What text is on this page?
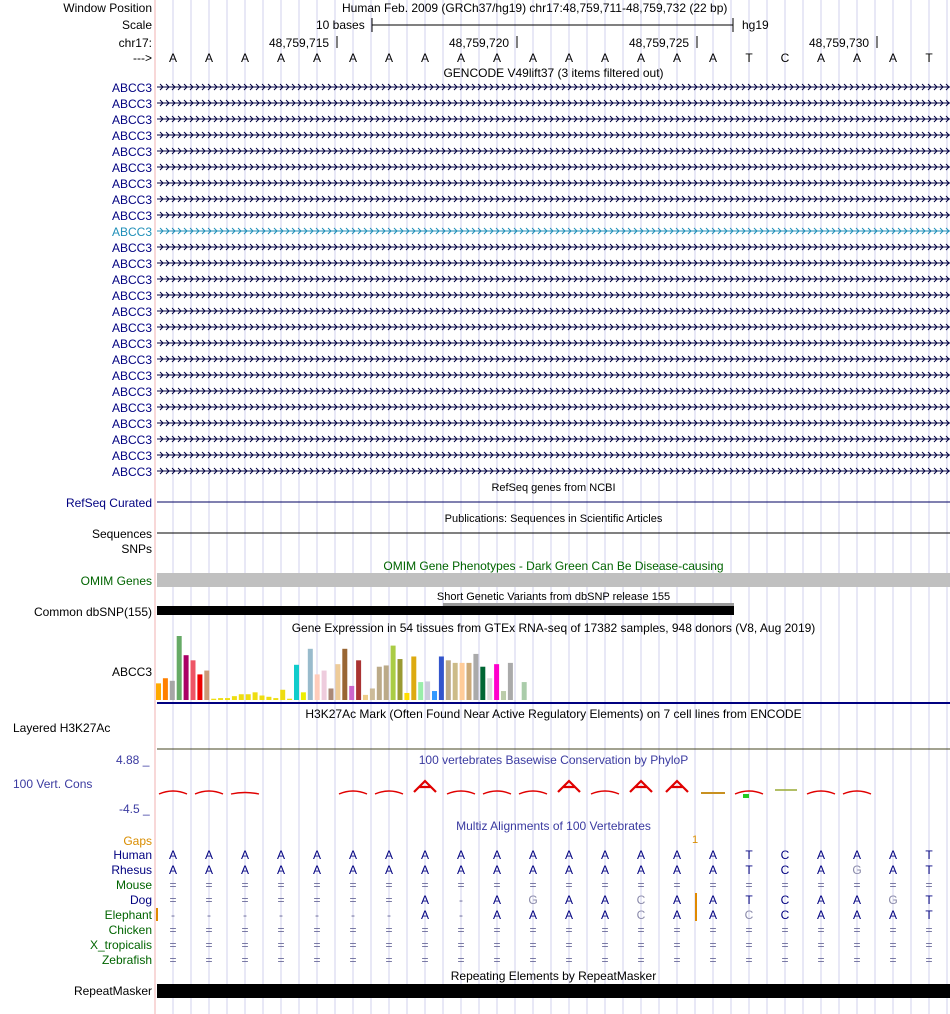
Window Position	Human Feb. 2009 (GRCh37/hg19) chr17:48,759,711-48,759,732 (22 bp)
Scale	10 bases	hg19
chr17:	48,759,715	48,759,720	48,759,725	48,759,730
--->	A	A	A	A	A	A	A	A	A	A	A	A	A	A	A	A	T	C	A	A	A	T
GENCODE V49lift37 (3 items filtered out)
ABCC3
ABCC3
ABCC3
ABCC3
ABCC3
ABCC3
ABCC3
ABCC3
ABCC3
ABCC3
ABCC3
ABCC3
ABCC3
ABCC3
ABCC3
ABCC3
ABCC3
ABCC3
ABCC3
ABCC3
ABCC3
ABCC3
ABCC3
ABCC3
ABCC3
RefSeq genes from NCBI
RefSeq Curated
Publications: Sequences in Scientific Articles
Sequences
SNPs
OMIM Gene Phenotypes - Dark Green Can Be Disease-causing
OMIM Genes
Short Genetic Variants from dbSNP release 155
Common dbSNP(155)
Gene Expression in 54 tissues from GTEx RNA-seq of 17382 samples, 948 donors (V8, Aug 2019)
ABCC3
H3K27Ac Mark (Often Found Near Active Regulatory Elements) on 7 cell lines from ENCODE
Layered H3K27Ac
100 vertebrates Basewise Conservation by PhyloP
4.88 _
100 Vert. Cons
-4.5 _
Multiz Alignments of 100 Vertebrates
Gaps	1
Human	A	A	A	A	A	A	A	A	A	A	A	A	A	A	A	A	T	C	A	A	A	T
Rhesus	A	A	A	A	A	A	A	A	A	A	A	A	A	A	A	A	T	C	A	G	A	T
Mouse	=	=	=	=	=	=	=	=	=	=	=	=	=	=	=	=	=	=	=	=	=	=
Dog	=	=	=	=	=	=	=	A	-	A	G	A	A	C	A	A	T	C	A	A	G	T
Elephant	-	-	-	-	-	-	-	A	-	A	A	A	A	C	A	A	C	C	A	A	A	T
Chicken	=	=	=	=	=	=	=	=	=	=	=	=	=	=	=	=	=	=	=	=	=	=
X_tropicalis	=	=	=	=	=	=	=	=	=	=	=	=	=	=	=	=	=	=	=	=	=	=
Zebrafish	=	=	=	=	=	=	=	=	=	=	=	=	=	=	=	=	=	=	=	=	=	=
Repeating Elements by RepeatMasker
RepeatMasker
